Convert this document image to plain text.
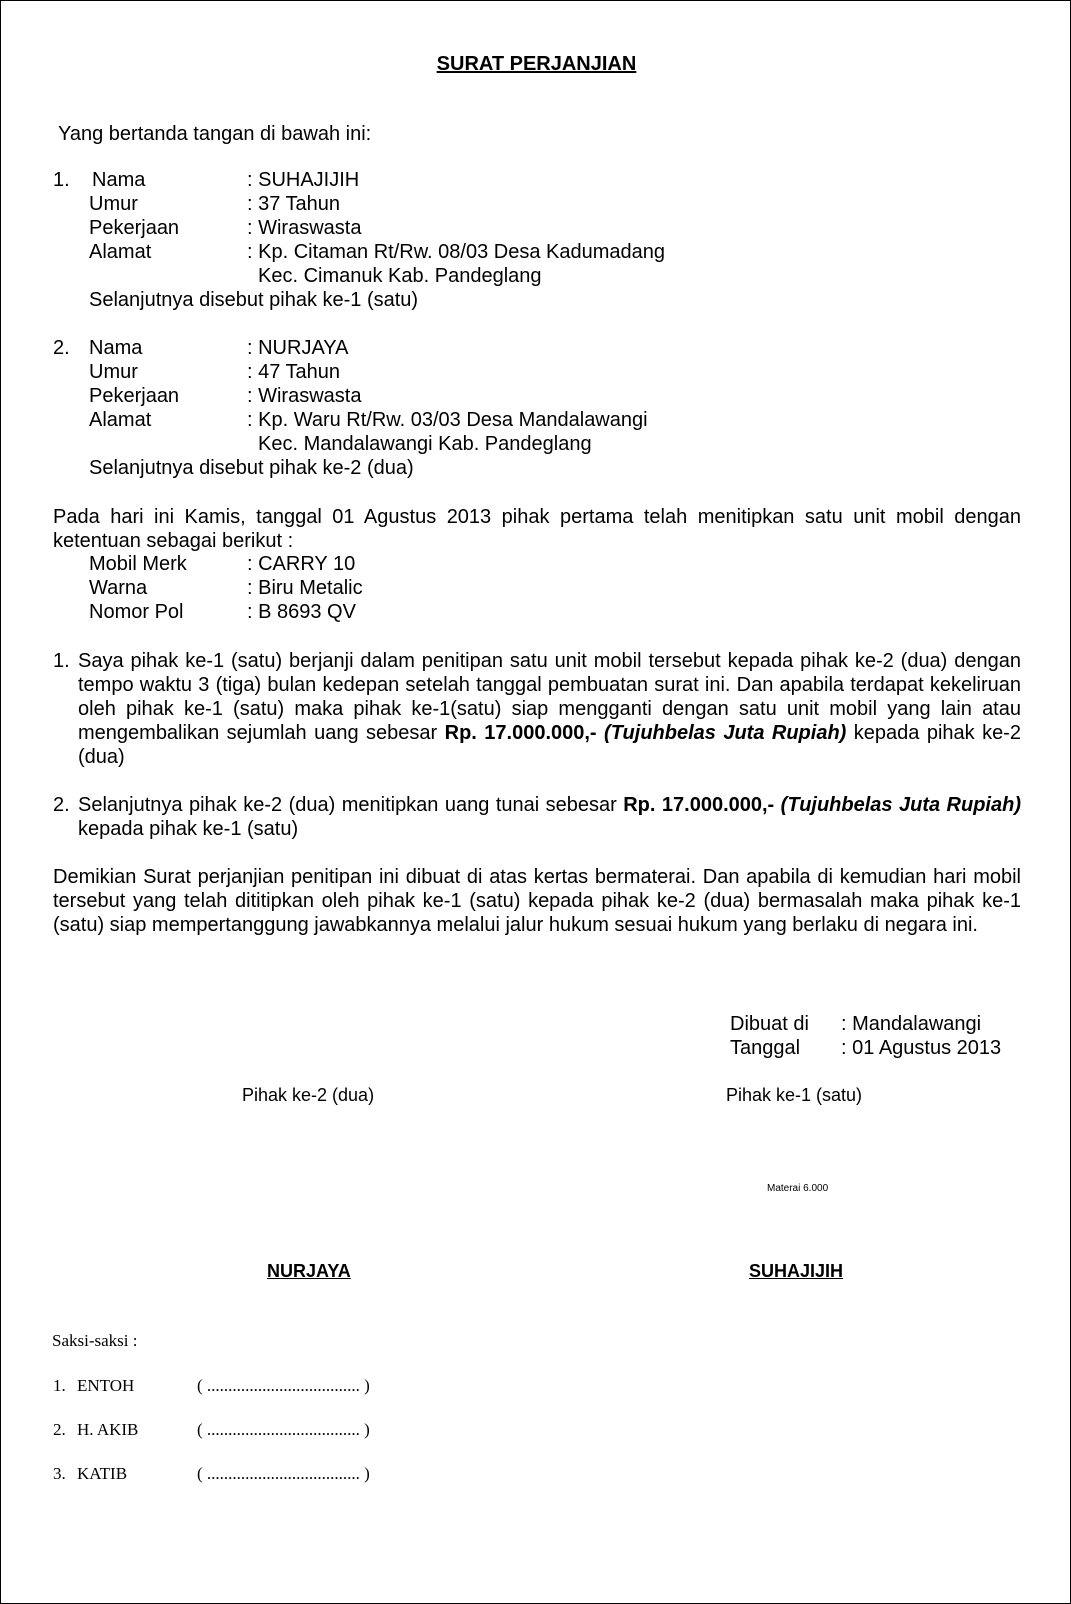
SURAT PERJANJIAN
Yang bertanda tangan di bawah ini:
1. Nama	: SUHAJIJIH
Umur	: 37 Tahun
Pekerjaan	: Wiraswasta
Alamat	: Kp. Citaman Rt/Rw. 08/03 Desa Kadumadang
Kec. Cimanuk Kab. Pandeglang
Selanjutnya disebut pihak ke-1 (satu)
2. Nama	: NURJAYA
Umur	: 47 Tahun
Pekerjaan	: Wiraswasta
Alamat	: Kp. Waru Rt/Rw. 03/03 Desa Mandalawangi
Kec. Mandalawangi Kab. Pandeglang
Selanjutnya disebut pihak ke-2 (dua)
Pada hari ini Kamis, tanggal 01 Agustus 2013 pihak pertama telah menitipkan satu unit mobil dengan ketentuan sebagai berikut :
Mobil Merk	: CARRY 10
Warna	: Biru Metalic
Nomor Pol	: B 8693 QV
1. Saya pihak ke-1 (satu) berjanji dalam penitipan satu unit mobil tersebut kepada pihak ke-2 (dua) dengan tempo waktu 3 (tiga) bulan kedepan setelah tanggal pembuatan surat ini. Dan apabila terdapat kekeliruan oleh pihak ke-1 (satu) maka pihak ke-1(satu) siap mengganti dengan satu unit mobil yang lain atau mengembalikan sejumlah uang sebesar Rp. 17.000.000,- (Tujuhbelas Juta Rupiah) kepada pihak ke-2 (dua)
2. Selanjutnya pihak ke-2 (dua) menitipkan uang tunai sebesar Rp. 17.000.000,- (Tujuhbelas Juta Rupiah) kepada pihak ke-1 (satu)
Demikian Surat perjanjian penitipan ini dibuat di atas kertas bermaterai. Dan apabila di kemudian hari mobil tersebut yang telah dititipkan oleh pihak ke-1 (satu) kepada pihak ke-2 (dua) bermasalah maka pihak ke-1 (satu) siap mempertanggung jawabkannya melalui jalur hukum sesuai hukum yang berlaku di negara ini.
Dibuat di : Mandalawangi
Tanggal : 01 Agustus 2013
Pihak ke-2 (dua)	Pihak ke-1 (satu)
Materai 6.000
NURJAYA	SUHAJIJIH
Saksi-saksi :
1. ENTOH	( .................................... )
2. H. AKIB	( .................................... )
3. KATIB	( .................................... )
